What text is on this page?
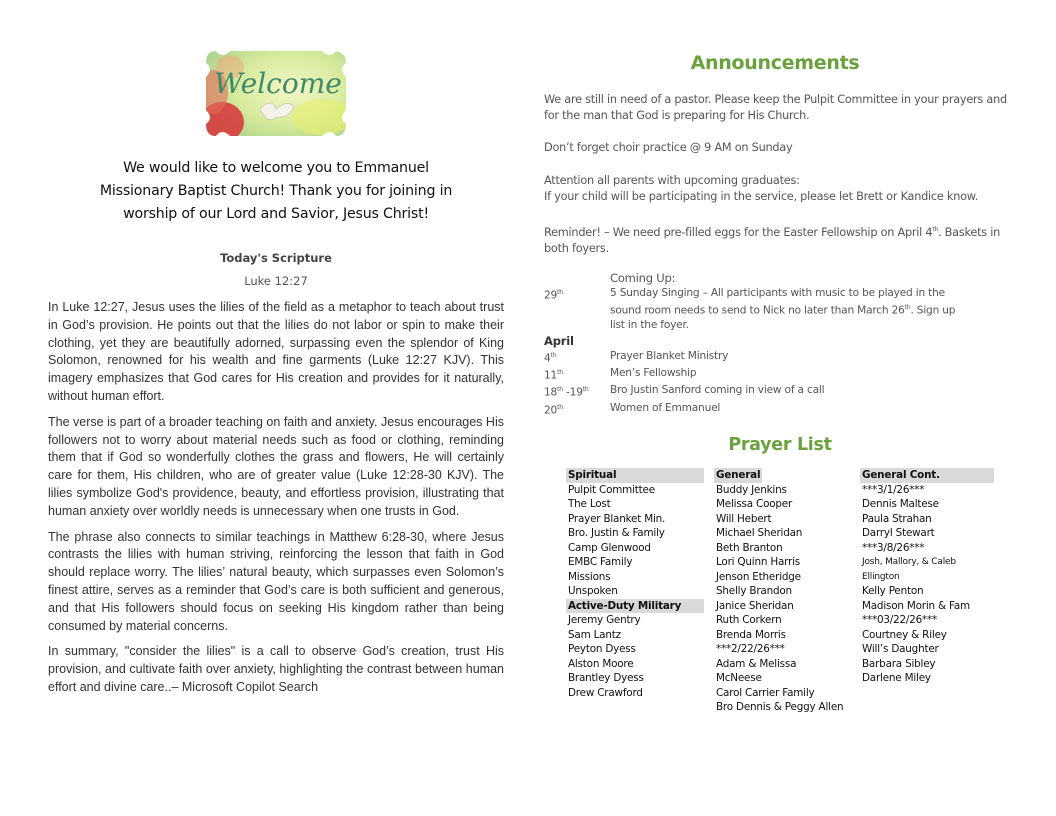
Welcome
We would like to welcome you to Emmanuel Missionary Baptist Church! Thank you for joining in worship of our Lord and Savior, Jesus Christ!
Today's Scripture
Luke 12:27

In Luke 12:27, Jesus uses the lilies of the field as a metaphor to teach about trust in God’s provision. He points out that the lilies do not labor or spin to make their clothing, yet they are beautifully adorned, surpassing even the splendor of King Solomon, renowned for his wealth and fine garments (Luke 12:27 KJV). This imagery emphasizes that God cares for His creation and provides for it naturally, without human effort.

The verse is part of a broader teaching on faith and anxiety. Jesus encourages His followers not to worry about material needs such as food or clothing, reminding them that if God so wonderfully clothes the grass and flowers, He will certainly care for them, His children, who are of greater value (Luke 12:28-30 KJV). The lilies symbolize God's providence, beauty, and effortless provision, illustrating that human anxiety over worldly needs is unnecessary when one trusts in God.

The phrase also connects to similar teachings in Matthew 6:28-30, where Jesus contrasts the lilies with human striving, reinforcing the lesson that faith in God should replace worry. The lilies’ natural beauty, which surpasses even Solomon’s finest attire, serves as a reminder that God’s care is both sufficient and generous, and that His followers should focus on seeking His kingdom rather than being consumed by material concerns.

In summary, "consider the lilies" is a call to observe God’s creation, trust His provision, and cultivate faith over anxiety, highlighting the contrast between human effort and divine care..– Microsoft Copilot Search

Announcements
We are still in need of a pastor. Please keep the Pulpit Committee in your prayers and for the man that God is preparing for His Church.
Don’t forget choir practice @ 9 AM on Sunday
Attention all parents with upcoming graduates:
If your child will be participating in the service, please let Brett or Kandice know.
Reminder! – We need pre-filled eggs for the Easter Fellowship on April 4th. Baskets in both foyers.
Coming Up:
29th	5 Sunday Singing – All participants with music to be played in the sound room needs to send to Nick no later than March 26th. Sign up list in the foyer.
April
4th	Prayer Blanket Ministry
11th	Men’s Fellowship
18th -19th	Bro Justin Sanford coming in view of a call
20th	Women of Emmanuel
Prayer List
Spiritual
Pulpit Committee
The Lost
Prayer Blanket Min.
Bro. Justin & Family
Camp Glenwood
EMBC Family
Missions
Unspoken
Active-Duty Military
Jeremy Gentry
Sam Lantz
Peyton Dyess
Alston Moore
Brantley Dyess
Drew Crawford
General
Buddy Jenkins
Melissa Cooper
Will Hebert
Michael Sheridan
Beth Branton
Lori Quinn Harris
Jenson Etheridge
Shelly Brandon
Janice Sheridan
Ruth Corkern
Brenda Morris
***2/22/26***
Adam & Melissa
McNeese
Carol Carrier Family
Bro Dennis & Peggy Allen
General Cont.
***3/1/26***
Dennis Maltese
Paula Strahan
Darryl Stewart
***3/8/26***
Josh, Mallory, & Caleb
Ellington
Kelly Penton
Madison Morin & Fam
***03/22/26***
Courtney & Riley
Will’s Daughter
Barbara Sibley
Darlene Miley
